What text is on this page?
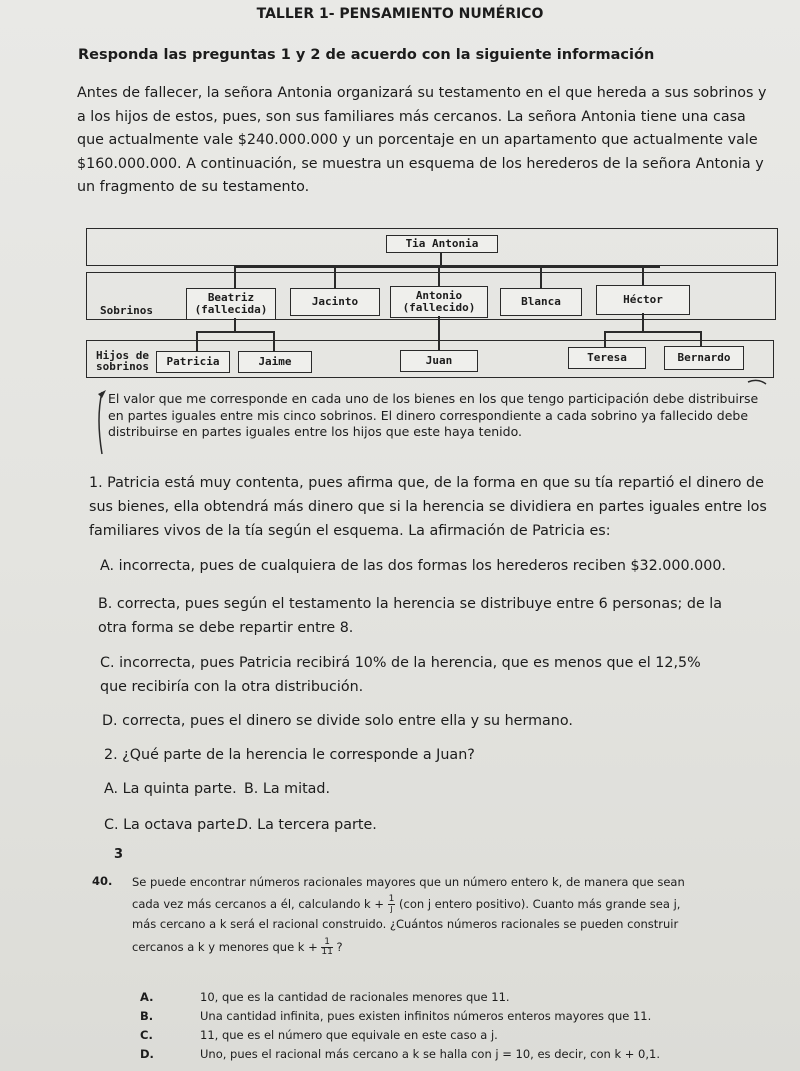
TALLER 1- PENSAMIENTO NUMÉRICO
Responda las preguntas 1 y 2 de acuerdo con la siguiente información
Antes de fallecer, la señora Antonia organizará su testamento en el que hereda a sus sobrinos y a los hijos de estos, pues, son sus familiares más cercanos. La señora Antonia tiene una casa que actualmente vale $240.000.000 y un porcentaje en un apartamento que actualmente vale $160.000.000. A continuación, se muestra un esquema de los herederos de la señora Antonia y un fragmento de su testamento.
Tia Antonia
Sobrinos
Beatriz
(fallecida)
Jacinto	Antonio
(fallecido)	Blanca	Héctor
Hijos de
sobrinos Patricia	Jaime	Juan	Teresa	Bernardo
El valor que me corresponde en cada uno de los bienes en los que tengo participación debe distribuirse en partes iguales entre mis cinco sobrinos. El dinero correspondiente a cada sobrino ya fallecido debe distribuirse en partes iguales entre los hijos que este haya tenido.
1. Patricia está muy contenta, pues afirma que, de la forma en que su tía repartió el dinero de sus bienes, ella obtendrá más dinero que si la herencia se dividiera en partes iguales entre los familiares vivos de la tía según el esquema. La afirmación de Patricia es:
A. incorrecta, pues de cualquiera de las dos formas los herederos reciben $32.000.000.
B. correcta, pues según el testamento la herencia se distribuye entre 6 personas; de la otra forma se debe repartir entre 8.
C. incorrecta, pues Patricia recibirá 10% de la herencia, que es menos que el 12,5% que recibiría con la otra distribución.
D. correcta, pues el dinero se divide solo entre ella y su hermano.
2. ¿Qué parte de la herencia le corresponde a Juan?
A. La quinta parte. B. La mitad.
C. La octava parte.
D. La tercera parte.
3
40. Se puede encontrar números racionales mayores que un número entero k, de manera que sean
cada vez más cercanos a él, calculando $k + \frac{1}{j} (con$ j entero positivo). Cuanto más grande sea j,
más cercano a k será el racional construido. ¿Cuántos números racionales se pueden construir
cercanos a k y menores que $k + \frac{1}{11}$ ?
A.	10, que es la cantidad de racionales menores que 11.
B.	Una cantidad infinita, pues existen infinitos números enteros mayores que 11.
C.	11, que es el número que equivale en este caso a j.
D.	Uno, pues el racional más cercano a k se halla con j = 10, es decir, con k + 0,1.
